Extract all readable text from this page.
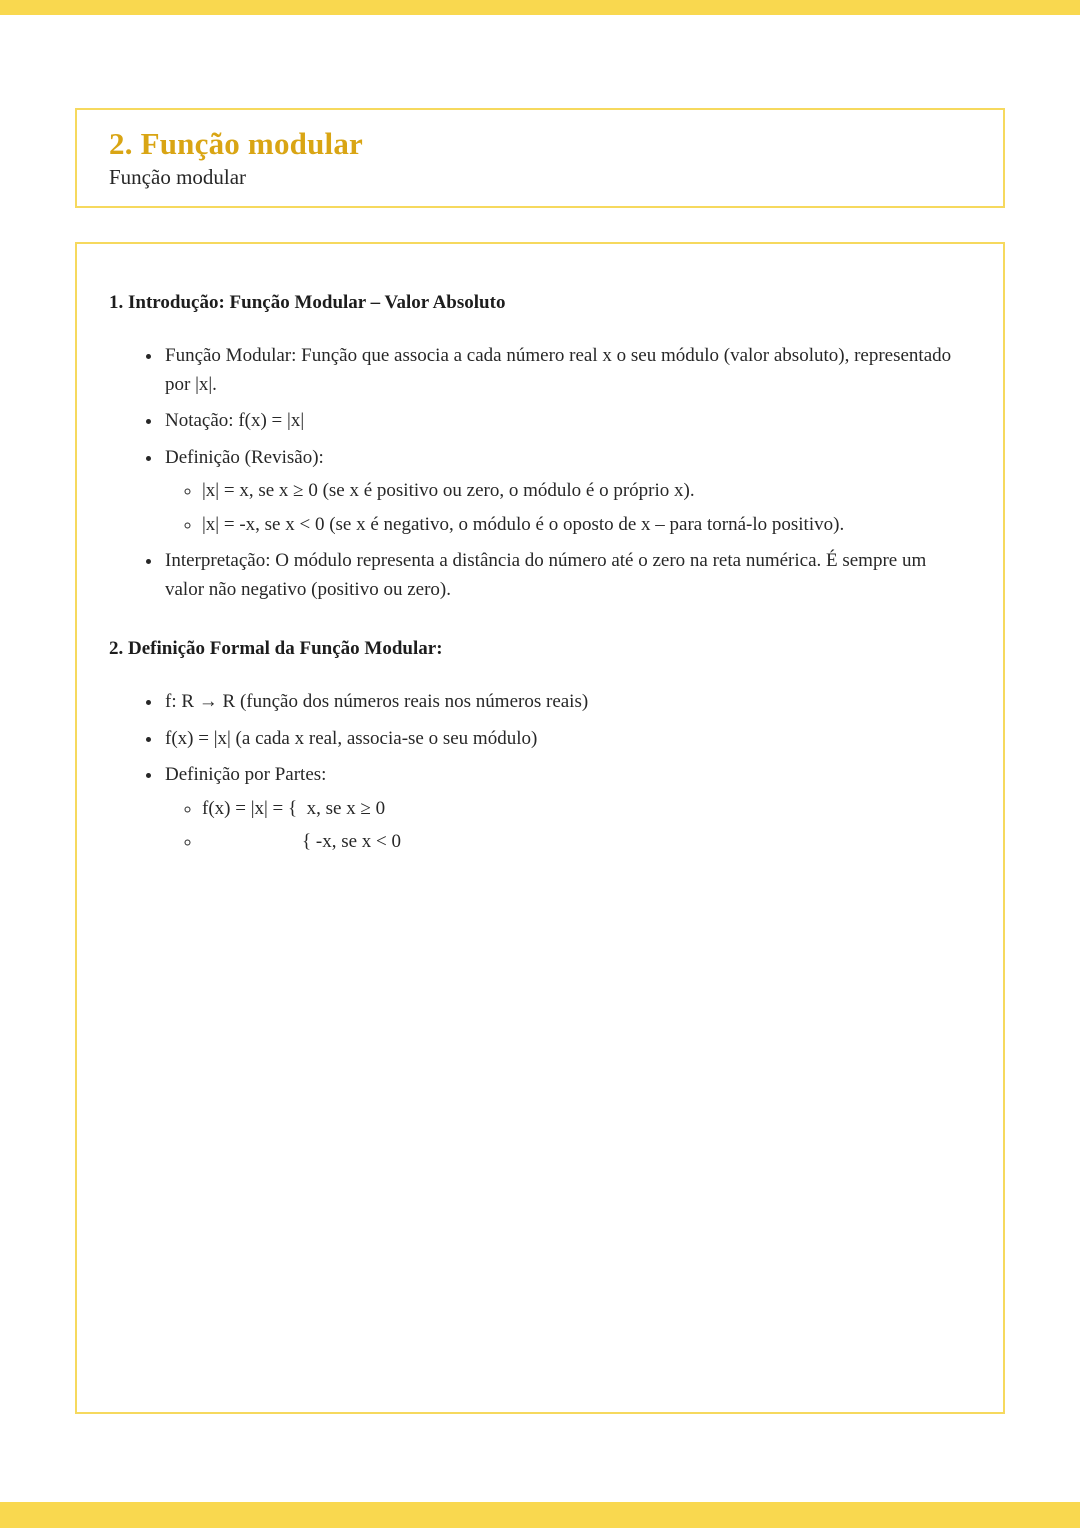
2. Função modular
Função modular
1. Introdução: Função Modular – Valor Absoluto
• Função Modular: Função que associa a cada número real x o seu módulo (valor absoluto), representado por |x|.
• Notação: f(x) = |x|
• Definição (Revisão):
◦ |x| = x, se x ≥ 0 (se x é positivo ou zero, o módulo é o próprio x).
◦ |x| = -x, se x < 0 (se x é negativo, o módulo é o oposto de x – para torná-lo positivo).
• Interpretação: O módulo representa a distância do número até o zero na reta numérica. É sempre um valor não negativo (positivo ou zero).
2. Definição Formal da Função Modular:
• f: R → R (função dos números reais nos números reais)
• f(x) = |x| (a cada x real, associa-se o seu módulo)
• Definição por Partes:
◦ f(x) = |x| = {  x, se x ≥ 0
◦ { -x, se x < 0
